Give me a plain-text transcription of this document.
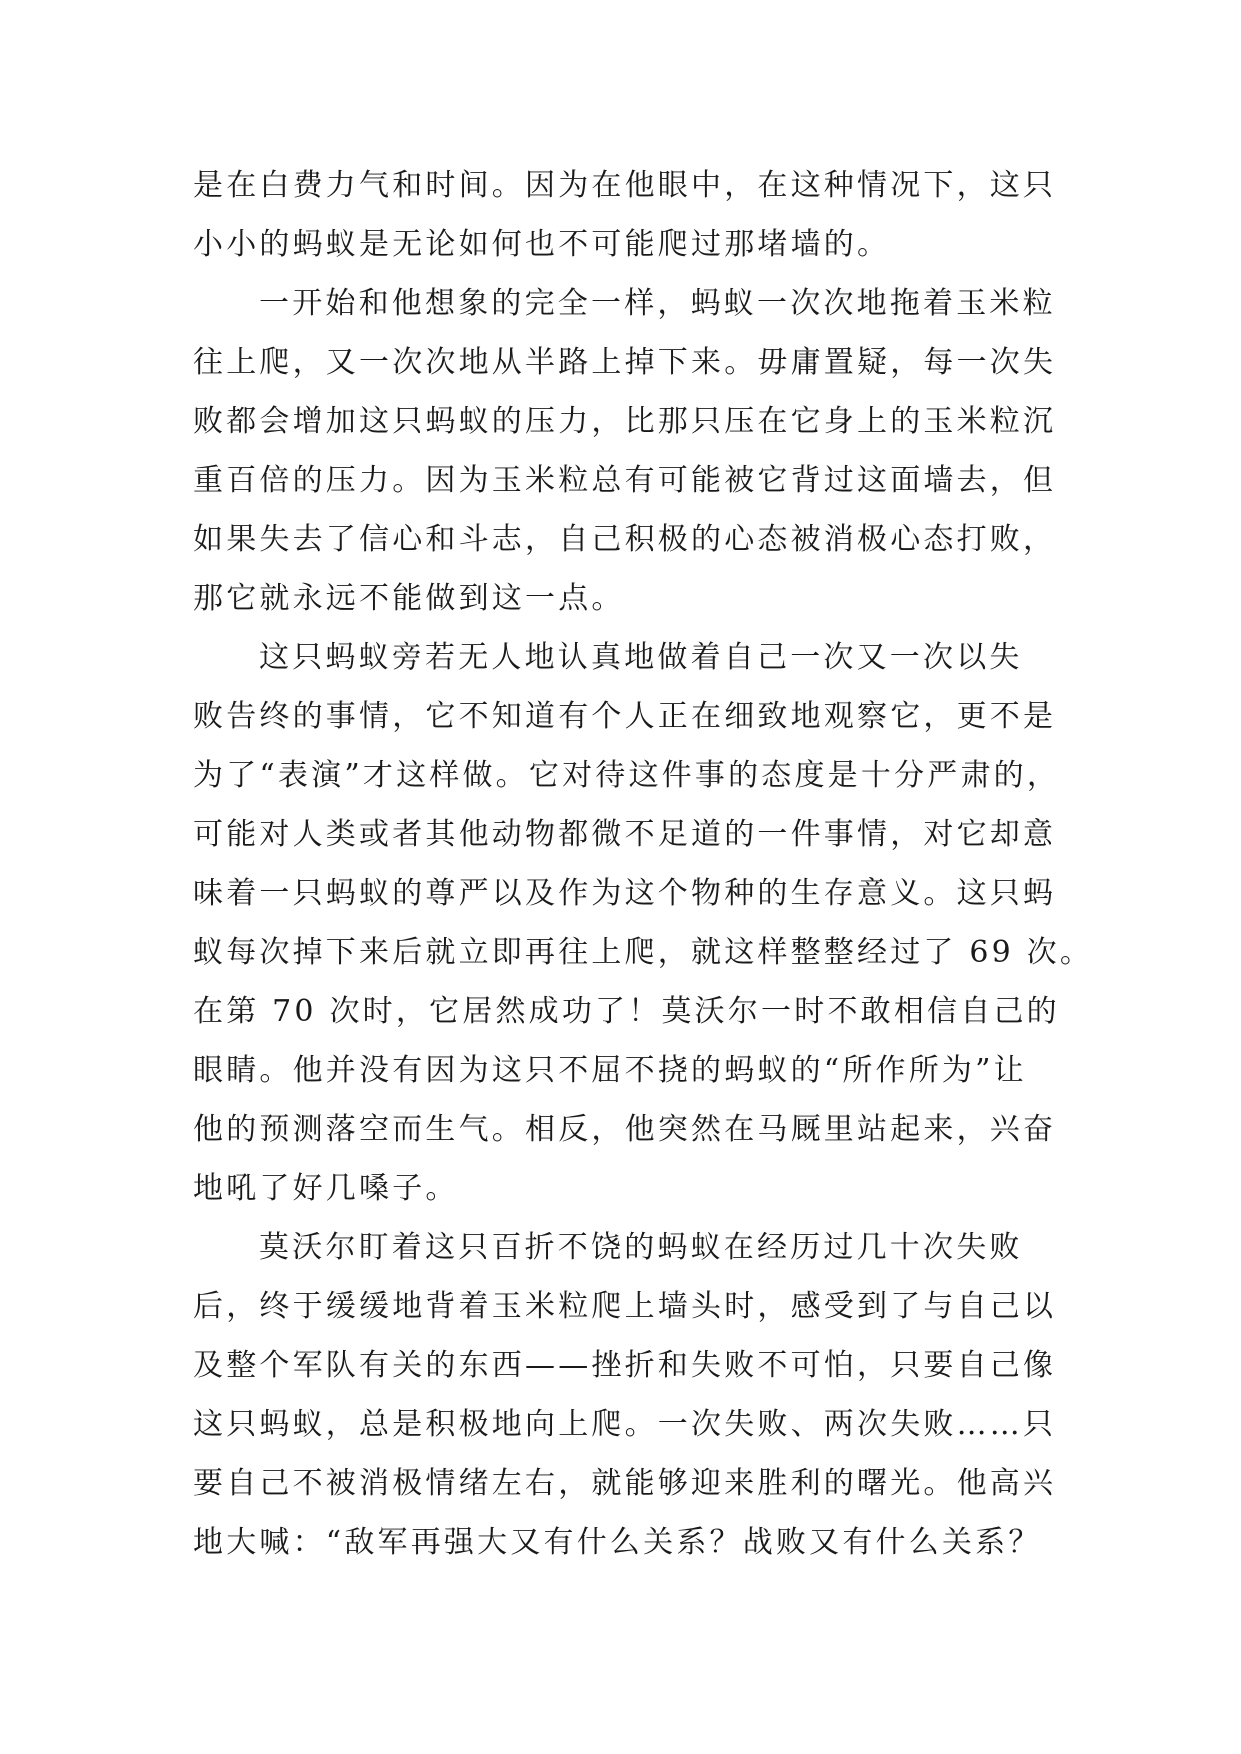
是在白费力气和时间。因为在他眼中，在这种情况下，这只
小小的蚂蚁是无论如何也不可能爬过那堵墙的。
一开始和他想象的完全一样，蚂蚁一次次地拖着玉米粒
往上爬，又一次次地从半路上掉下来。毋庸置疑，每一次失
败都会增加这只蚂蚁的压力，比那只压在它身上的玉米粒沉
重百倍的压力。因为玉米粒总有可能被它背过这面墙去，但
如果失去了信心和斗志，自己积极的心态被消极心态打败，
那它就永远不能做到这一点。
这只蚂蚁旁若无人地认真地做着自己一次又一次以失
败告终的事情，它不知道有个人正在细致地观察它，更不是
为了“表演”才这样做。它对待这件事的态度是十分严肃的，
可能对人类或者其他动物都微不足道的一件事情，对它却意
味着一只蚂蚁的尊严以及作为这个物种的生存意义。这只蚂
蚁每次掉下来后就立即再往上爬，就这样整整经过了 69 次。
在第 70 次时，它居然成功了！莫沃尔一时不敢相信自己的
眼睛。他并没有因为这只不屈不挠的蚂蚁的“所作所为”让
他的预测落空而生气。相反，他突然在马厩里站起来，兴奋
地吼了好几嗓子。
莫沃尔盯着这只百折不饶的蚂蚁在经历过几十次失败
后，终于缓缓地背着玉米粒爬上墙头时，感受到了与自己以
及整个军队有关的东西——挫折和失败不可怕，只要自己像
这只蚂蚁，总是积极地向上爬。一次失败、两次失败……只
要自己不被消极情绪左右，就能够迎来胜利的曙光。他高兴
地大喊：“敌军再强大又有什么关系？战败又有什么关系？
